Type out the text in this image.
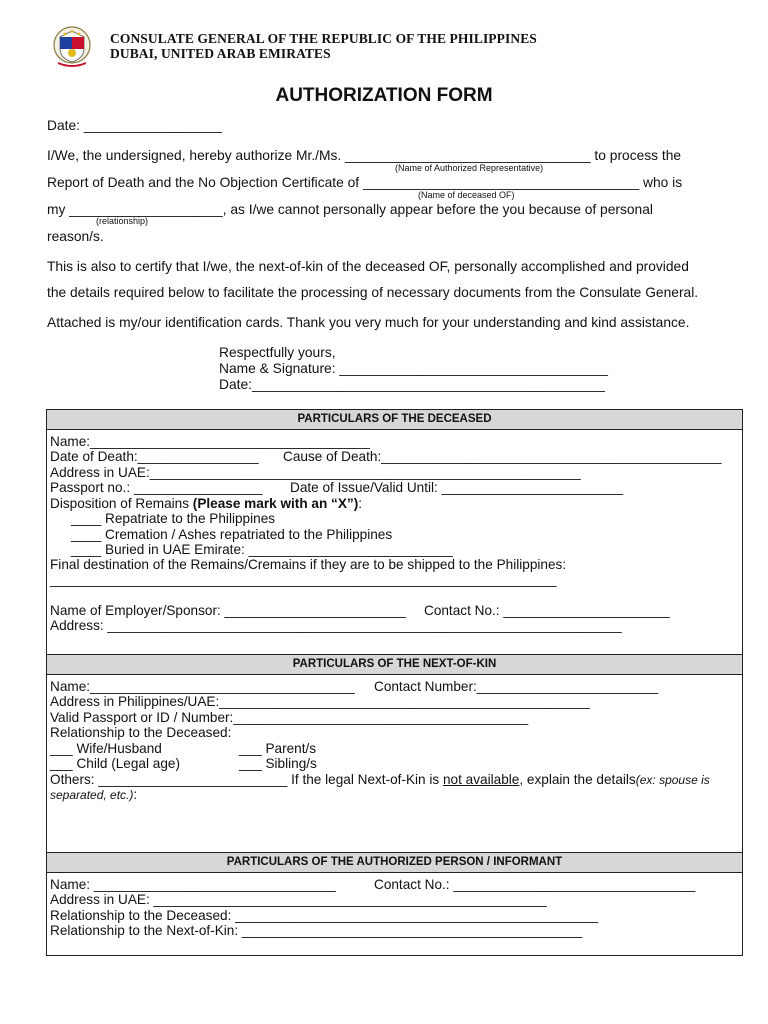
CONSULATE GENERAL OF THE REPUBLIC OF THE PHILIPPINES
DUBAI, UNITED ARAB EMIRATES
AUTHORIZATION FORM
Date: __________________
I/We, the undersigned, hereby authorize Mr./Ms. ________________________________ to process the
(Name of Authorized Representative)
Report of Death and the No Objection Certificate of ____________________________________ who is
(Name of deceased OF)
my ____________________, as I/we cannot personally appear before the you because of personal
(relationship)
reason/s.
This is also to certify that I/we, the next-of-kin of the deceased OF, personally accomplished and provided
the details required below to facilitate the processing of necessary documents from the Consulate General.
Attached is my/our identification cards. Thank you very much for your understanding and kind assistance.
Respectfully yours,
Name & Signature: ___________________________________
Date:______________________________________________
PARTICULARS OF THE DECEASED
Name:_____________________________________
Date of Death:________________ Cause of Death:_____________________________________________
Address in UAE:_________________________________________________________
Passport no.: _________________ Date of Issue/Valid Until: ________________________
Disposition of Remains (Please mark with an “X”):
____ Repatriate to the Philippines
____ Cremation / Ashes repatriated to the Philippines
____ Buried in UAE Emirate: ___________________________
Final destination of the Remains/Cremains if they are to be shipped to the Philippines:
___________________________________________________________________
Name of Employer/Sponsor: ________________________ Contact No.: ______________________
Address: ____________________________________________________________________
PARTICULARS OF THE NEXT-OF-KIN
Name:___________________________________ Contact Number:________________________
Address in Philippines/UAE:_________________________________________________
Valid Passport or ID / Number:_______________________________________
Relationship to the Deceased:
___ Wife/Husband	___ Parent/s
___ Child (Legal age)	___ Sibling/s
Others: _________________________ If the legal Next-of-Kin is not available, explain the details(ex: spouse is
separated, etc.):
PARTICULARS OF THE AUTHORIZED PERSON / INFORMANT
Name: ________________________________	Contact No.: ________________________________
Address in UAE: ____________________________________________________
Relationship to the Deceased: ________________________________________________
Relationship to the Next-of-Kin: _____________________________________________
